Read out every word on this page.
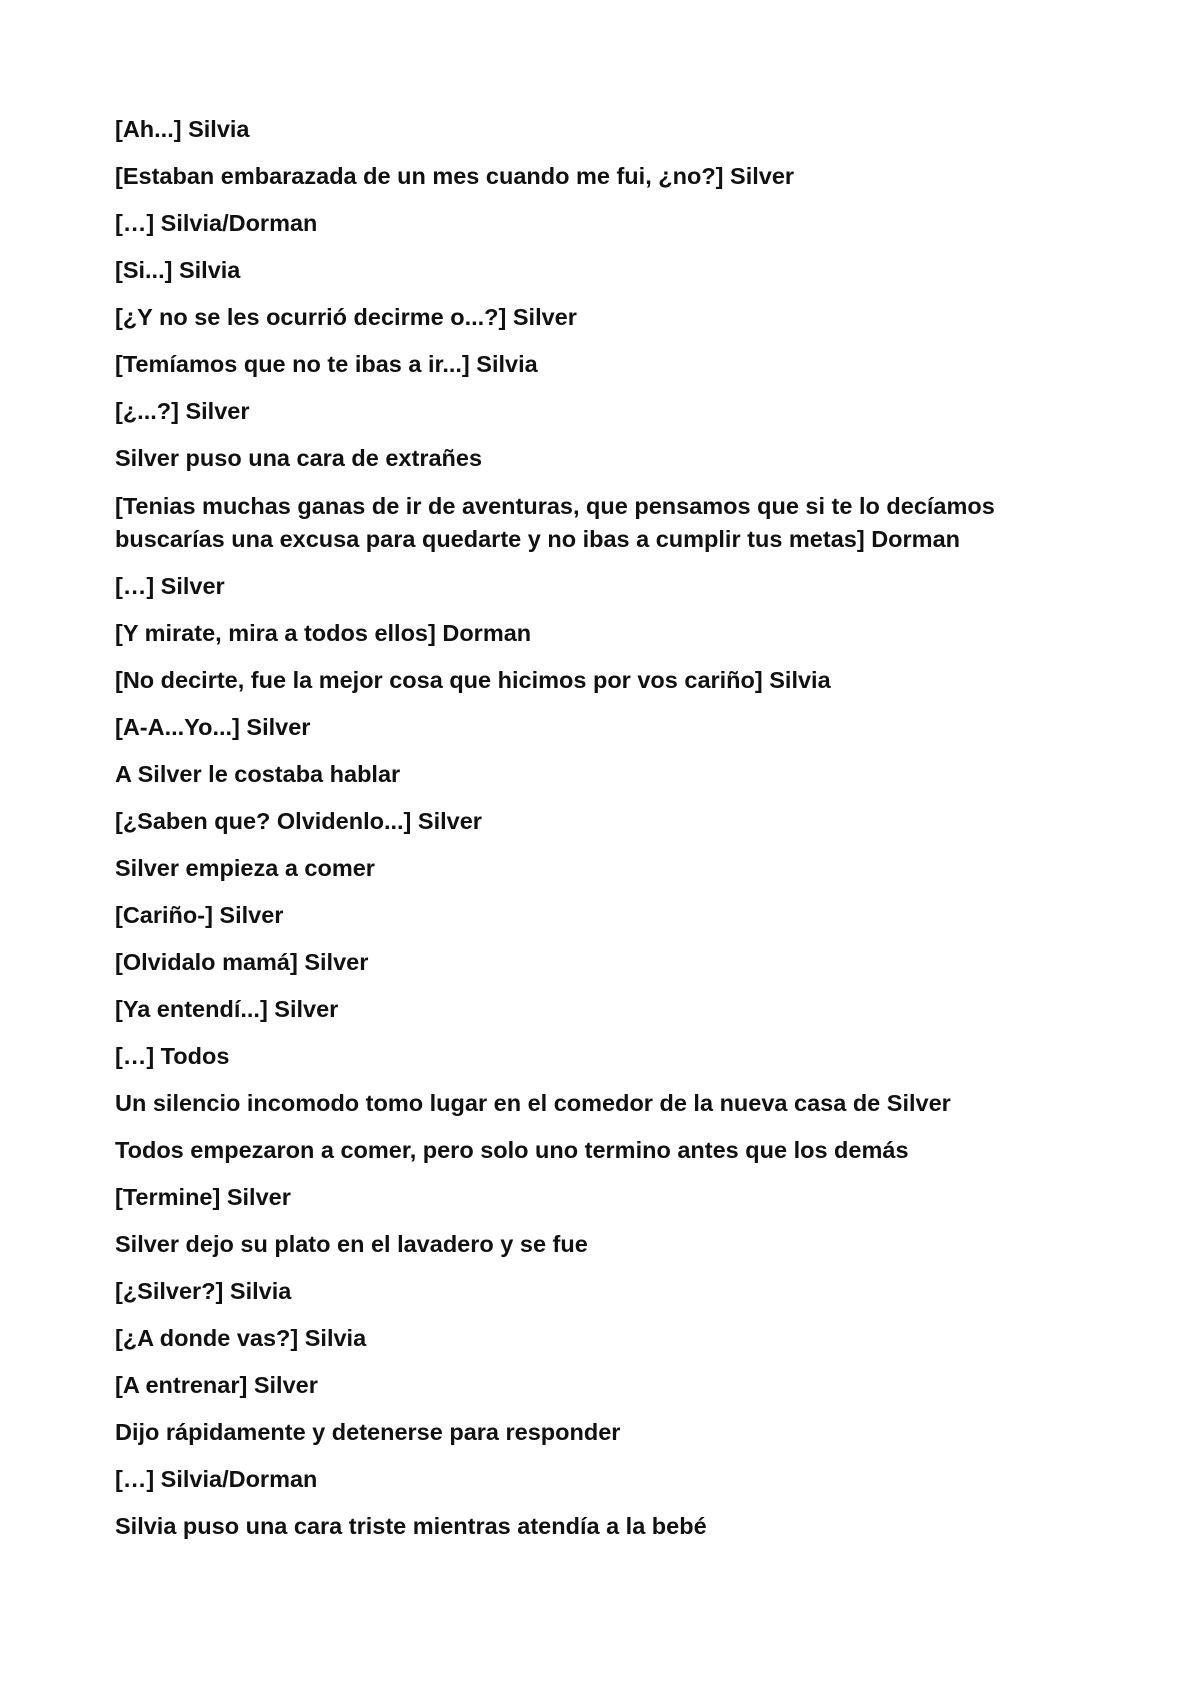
[Ah...] Silvia

[Estaban embarazada de un mes cuando me fui, ¿no?] Silver

[…] Silvia/Dorman

[Si...] Silvia

[¿Y no se les ocurrió decirme o...?] Silver

[Temíamos que no te ibas a ir...] Silvia

[¿...?] Silver

Silver puso una cara de extrañes

[Tenias muchas ganas de ir de aventuras, que pensamos que si te lo decíamos buscarías una excusa para quedarte y no ibas a cumplir tus metas] Dorman

[…] Silver

[Y mirate, mira a todos ellos] Dorman

[No decirte, fue la mejor cosa que hicimos por vos cariño] Silvia

[A-A...Yo...] Silver

A Silver le costaba hablar

[¿Saben que? Olvidenlo...] Silver

Silver empieza a comer

[Cariño-] Silver

[Olvidalo mamá] Silver

[Ya entendí...] Silver

[…] Todos

Un silencio incomodo tomo lugar en el comedor de la nueva casa de Silver

Todos empezaron a comer, pero solo uno termino antes que los demás

[Termine] Silver

Silver dejo su plato en el lavadero y se fue

[¿Silver?] Silvia

[¿A donde vas?] Silvia

[A entrenar] Silver

Dijo rápidamente y detenerse para responder

[…] Silvia/Dorman

Silvia puso una cara triste mientras atendía a la bebé
